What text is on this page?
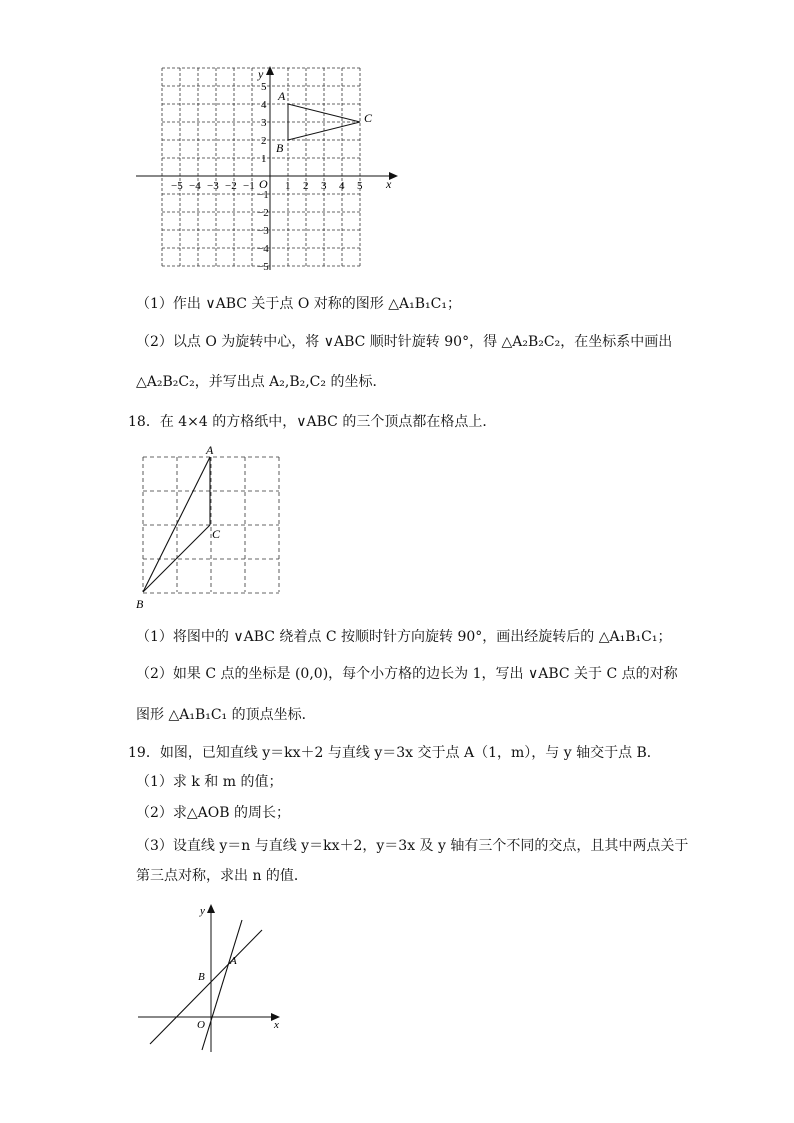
y
x
O
−5 −4 −3 −2 −1	1 2 3 4 5
5
4
3
2
1
−1
−2
−3
−4
−5
A
B
C
（1）作出 ∨ABC 关于点 O 对称的图形 △A₁B₁C₁；
（2）以点 O 为旋转中心，将 ∨ABC 顺时针旋转 90°，得 △A₂B₂C₂，在坐标系中画出
△A₂B₂C₂，并写出点 A₂,B₂,C₂ 的坐标．
18．在 4×4 的方格纸中，∨ABC 的三个顶点都在格点上．
A
C
B
（1）将图中的 ∨ABC 绕着点 C 按顺时针方向旋转 90°，画出经旋转后的 △A₁B₁C₁；
（2）如果 C 点的坐标是 (0,0)，每个小方格的边长为 1，写出 ∨ABC 关于 C 点的对称
图形 △A₁B₁C₁ 的顶点坐标．
19．如图，已知直线 y＝kx＋2 与直线 y＝3x 交于点 A（1，m），与 y 轴交于点 B．
（1）求 k 和 m 的值；
（2）求△AOB 的周长；
（3）设直线 y＝n 与直线 y＝kx＋2，y＝3x 及 y 轴有三个不同的交点，且其中两点关于
第三点对称，求出 n 的值．
y
x
O
A
B
